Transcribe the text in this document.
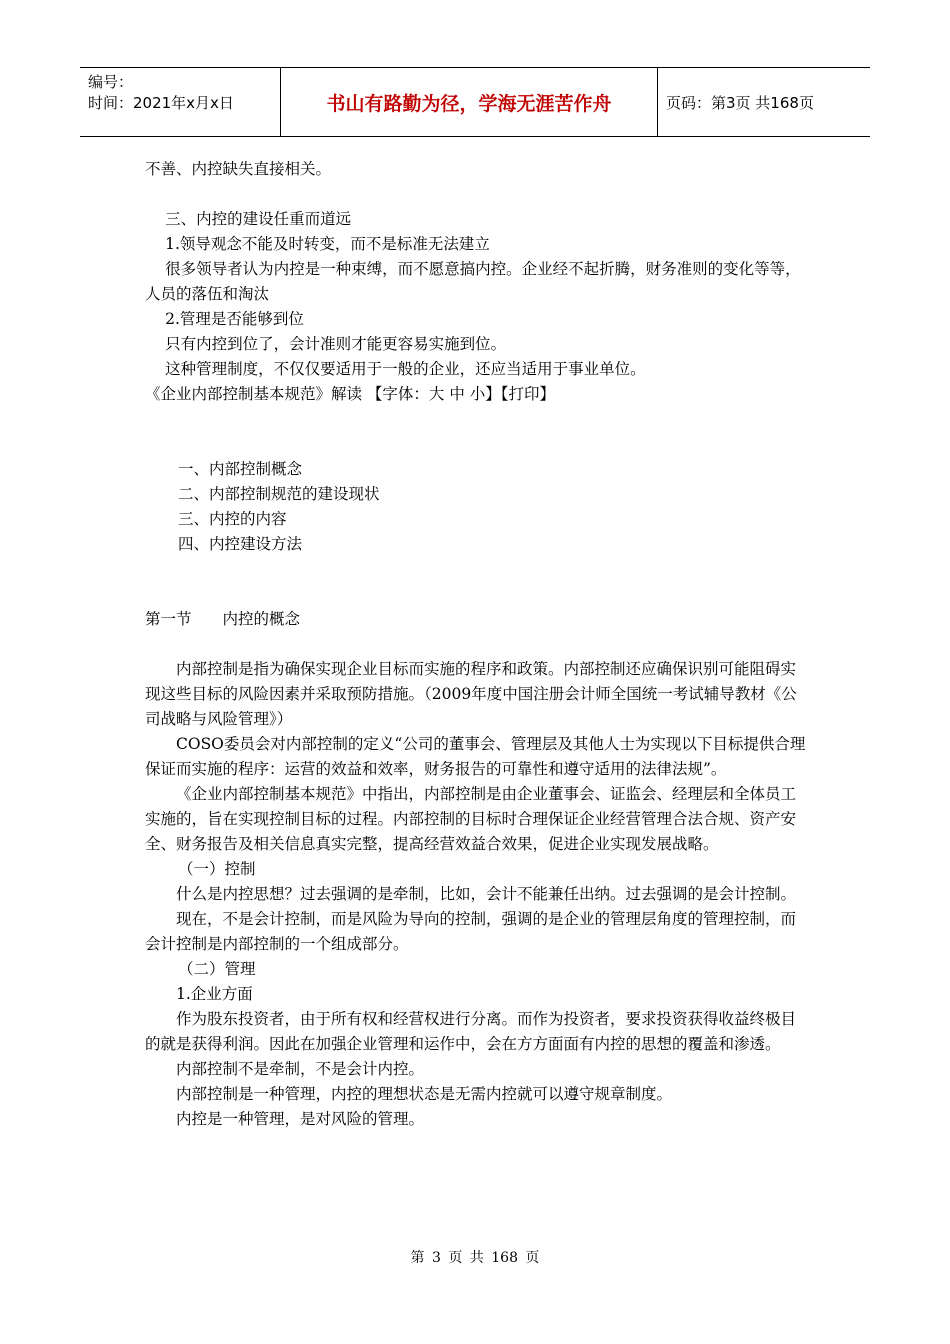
编号：
时间：2021年x月x日	书山有路勤为径，学海无涯苦作舟	页码：第3页 共168页

不善、内控缺失直接相关。

三、内控的建设任重而道远

1.领导观念不能及时转变，而不是标准无法建立

很多领导者认为内控是一种束缚，而不愿意搞内控。企业经不起折腾，财务准则的变化等等，人员的落伍和淘汰

2.管理是否能够到位

只有内控到位了，会计准则才能更容易实施到位。

这种管理制度，不仅仅要适用于一般的企业，还应当适用于事业单位。

《企业内部控制基本规范》解读 【字体：大 中 小】【打印】

一、内部控制概念

二、内部控制规范的建设现状

三、内控的内容

四、内控建设方法

第一节　　内控的概念

内部控制是指为确保实现企业目标而实施的程序和政策。内部控制还应确保识别可能阻碍实现这些目标的风险因素并采取预防措施。（2009年度中国注册会计师全国统一考试辅导教材《公司战略与风险管理》）

COSO委员会对内部控制的定义“公司的董事会、管理层及其他人士为实现以下目标提供合理保证而实施的程序：运营的效益和效率，财务报告的可靠性和遵守适用的法律法规”。

《企业内部控制基本规范》中指出，内部控制是由企业董事会、证监会、经理层和全体员工实施的，旨在实现控制目标的过程。内部控制的目标时合理保证企业经营管理合法合规、资产安全、财务报告及相关信息真实完整，提高经营效益合效果，促进企业实现发展战略。

（一）控制

什么是内控思想？过去强调的是牵制，比如，会计不能兼任出纳。过去强调的是会计控制。

现在，不是会计控制，而是风险为导向的控制，强调的是企业的管理层角度的管理控制，而会计控制是内部控制的一个组成部分。

（二）管理

1.企业方面

作为股东投资者，由于所有权和经营权进行分离。而作为投资者，要求投资获得收益终极目的就是获得利润。因此在加强企业管理和运作中，会在方方面面有内控的思想的覆盖和渗透。

内部控制不是牵制，不是会计内控。

内部控制是一种管理，内控的理想状态是无需内控就可以遵守规章制度。

内控是一种管理，是对风险的管理。

第 3 页 共 168 页
